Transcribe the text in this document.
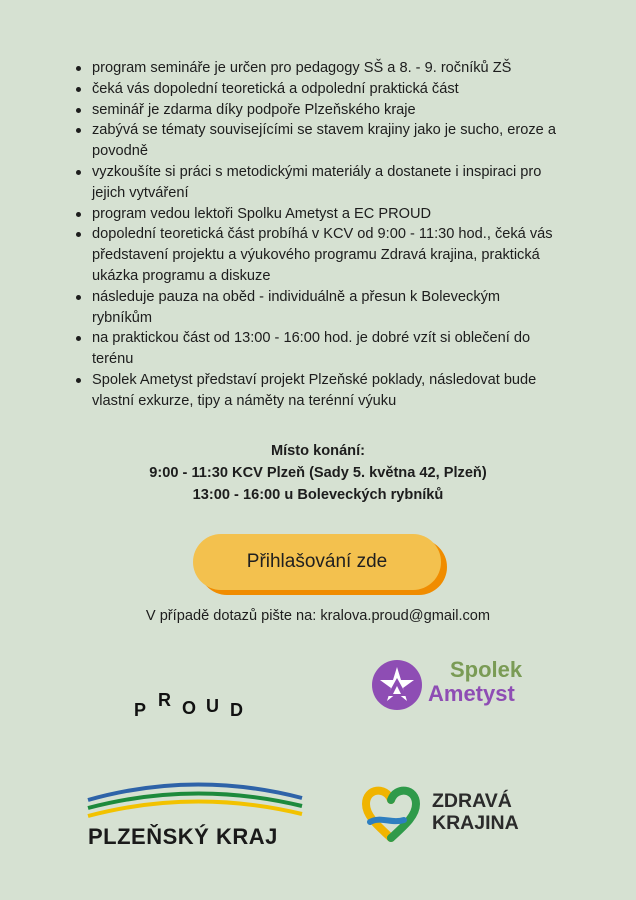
program semináře je určen pro pedagogy SŠ a 8. - 9. ročníků ZŠ
čeká vás dopolední teoretická a odpolední praktická část
seminář je zdarma díky podpoře Plzeňského kraje
zabývá se tématy souvisejícími se stavem krajiny jako je sucho, eroze a povodně
vyzkoušíte si práci s metodickými materiály a dostanete i inspiraci pro jejich vytváření
program vedou lektoři Spolku Ametyst a EC PROUD
dopolední teoretická část probíhá v KCV od 9:00 - 11:30 hod., čeká vás představení projektu a výukového programu Zdravá krajina, praktická ukázka programu a diskuze
následuje pauza na oběd - individuálně a přesun k Boleveckým rybníkům
na praktickou část od 13:00 - 16:00 hod. je dobré vzít si oblečení do terénu
Spolek Ametyst představí projekt Plzeňské poklady, následovat bude vlastní exkurze, tipy a náměty na terénní výuku
Místo konání:
9:00 - 11:30 KCV Plzeň (Sady 5. května 42, Plzeň)
13:00 - 16:00 u Boleveckých rybníků
Přihlašování zde
V případě dotazů pište na: kralova.proud@gmail.com
P R O U D
Spolek
Ametyst
PLZEŇSKÝ KRAJ
ZDRAVÁ
KRAJINA
